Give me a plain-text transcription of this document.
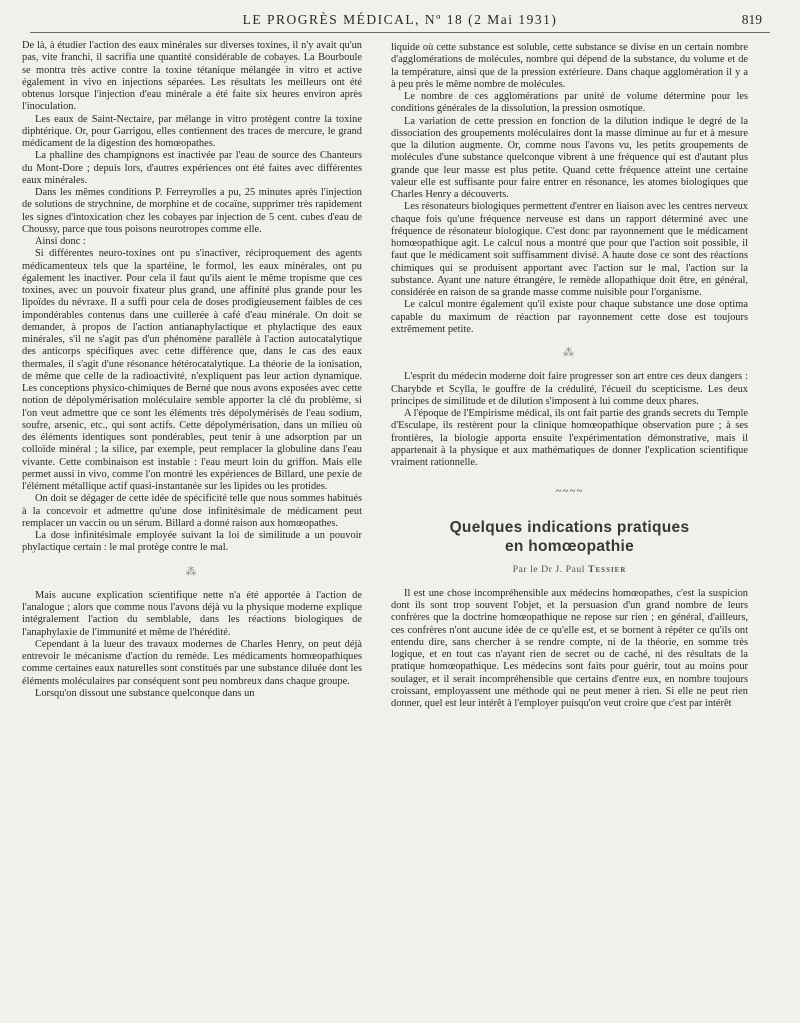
LE PROGRÈS MÉDICAL, Nº 18 (2 Mai 1931)	819

De là, à étudier l'action des eaux minérales sur diverses toxines, il n'y avait qu'un pas, vite franchi, il sacrifia une quantité considérable de cobayes. La Bourboule se montra très active contre la toxine tétanique mélangée in vitro et active également in vivo en injections séparées. Les résultats les meilleurs ont été obtenus lorsque l'injection d'eau minérale a été faite six heures environ après l'inoculation.

Les eaux de Saint-Nectaire, par mélange in vitro protègent contre la toxine diphtérique. Or, pour Garrigou, elles contiennent des traces de mercure, le grand médicament de la digestion des homœopathes.

La phalline des champignons est inactivée par l'eau de source des Chanteurs du Mont-Dore ; depuis lors, d'autres expériences ont été faites avec différentes eaux minérales.

Dans les mêmes conditions P. Ferreyrolles a pu, 25 minutes après l'injection de solutions de strychnine, de morphine et de cocaïne, supprimer très rapidement les signes d'intoxication chez les cobayes par injection de 5 cent. cubes d'eau de Choussy, parce que tous poisons neurotropes comme elle.

Ainsi donc :

Si différentes neuro-toxines ont pu s'inactiver, réciproquement des agents médicamenteux tels que la spartéine, le formol, les eaux minérales, ont pu également les inactiver. Pour cela il faut qu'ils aient le même tropisme que ces toxines, avec un pouvoir fixateur plus grand, une affinité plus grande pour les lipoïdes du névraxe. Il a suffi pour cela de doses prodigieusement faibles de ces impondérables contenus dans une cuillerée à café d'eau minérale. On doit se demander, à propos de l'action antianaphylactique et phylactique des eaux minérales, s'il ne s'agit pas d'un phénomène parallèle à l'action autocatalytique des anticorps spécifiques avec cette différence que, dans le cas des eaux thermales, il s'agit d'une résonance hétérocatalytique. La théorie de la ionisation, de même que celle de la radioactivité, n'expliquent pas leur action dynamique. Les conceptions physico-chimiques de Berné que nous avons exposées avec cette notion de dépolymérisation moléculaire semble apporter la clé du problème, si l'on veut admettre que ce sont les éléments très dépolymérisés de l'eau sodium, soufre, arsenic, etc., qui sont actifs. Cette dépolymérisation, dans un milieu où des éléments identiques sont pondérables, peut tenir à une adsorption par un colloïde minéral ; la silice, par exemple, peut remplacer la globuline dans l'eau vivante. Cette combinaison est instable : l'eau meurt loin du griffon. Mais elle permet aussi in vivo, comme l'on montré les expériences de Billard, une pexie de l'élément métallique actif quasi-instantanée sur les lipides ou les protides.

On doit se dégager de cette idée de spécificité telle que nous sommes habitués à la concevoir et admettre qu'une dose infinitésimale de médicament peut remplacer un vaccin ou un sérum. Billard a donné raison aux homœopathes.

La dose infinitésimale employée suivant la loi de similitude a un pouvoir phylactique certain : le mal protège contre le mal.

⁂

Mais aucune explication scientifique nette n'a été apportée à l'action de l'analogue ; alors que comme nous l'avons déjà vu la physique moderne explique intégralement l'action du semblable, dans les réactions biologiques de l'anaphylaxie de l'immunité et même de l'hérédité.

Cependant à la lueur des travaux modernes de Charles Henry, on peut déjà entrevoir le mécanisme d'action du remède. Les médicaments homœopathiques comme certaines eaux naturelles sont constitués par une substance diluée dont les éléments moléculaires par conséquent sont peu nombreux dans chaque groupe.

Lorsqu'on dissout une substance quelconque dans un

liquide où cette substance est soluble, cette substance se divise en un certain nombre d'agglomérations de molécules, nombre qui dépend de la substance, du volume et de la température, ainsi que de la pression extérieure. Dans chaque agglomération il y a à peu près le même nombre de molécules.

Le nombre de ces agglomérations par unité de volume détermine pour les conditions générales de la dissolution, la pression osmotique.

La variation de cette pression en fonction de la dilution indique le degré de la dissociation des groupements moléculaires dont la masse diminue au fur et à mesure que la dilution augmente. Or, comme nous l'avons vu, les petits groupements de molécules d'une substance quelconque vibrent à une fréquence qui est d'autant plus grande que leur masse est plus petite. Quand cette fréquence atteint une certaine valeur elle est suffisante pour faire entrer en résonance, les atomes biologiques que Charles Henry a découverts.

Les résonateurs biologiques permettent d'entrer en liaison avec les centres nerveux chaque fois qu'une fréquence nerveuse est dans un rapport déterminé avec une fréquence de résonateur biologique. C'est donc par rayonnement que le médicament homœopathique agit. Le calcul nous a montré que pour que l'action soit possible, il faut que le médicament soit suffisamment divisé. A haute dose ce sont des réactions chimiques qui se produisent apportant avec l'action sur le mal, l'action sur la substance. Ayant une nature étrangère, le remède allopathique doit être, en général, considérée en raison de sa grande masse comme nuisible pour l'organisme.

Le calcul montre également qu'il existe pour chaque substance une dose optima capable du maximum de réaction par rayonnement cette dose est toujours extrêmement petite.

⁂

L'esprit du médecin moderne doit faire progresser son art entre ces deux dangers : Charybde et Scylla, le gouffre de la crédulité, l'écueil du scepticisme. Les deux principes de similitude et de dilution s'imposent à lui comme deux phares.

A l'époque de l'Empirisme médical, ils ont fait partie des grands secrets du Temple d'Esculape, ils restèrent pour la clinique homœopathique observation pure ; à ses frontières, la biologie apporta ensuite l'expérimentation démonstrative, mais il appartenait à la physique et aux mathématiques de donner l'explication scientifique vraiment rationnelle.

~~~~
Quelques indications pratiques
en homœopathie
Par le Dr J. Paul Tessier

Il est une chose incompréhensible aux médecins homœopathes, c'est la suspicion dont ils sont trop souvent l'objet, et la persuasion d'un grand nombre de leurs confrères que la doctrine homœopathique ne repose sur rien ; en général, d'ailleurs, ces confrères n'ont aucune idée de ce qu'elle est, et se bornent à répéter ce qu'ils ont entendu dire, sans chercher à se rendre compte, ni de la théorie, en somme très logique, et en tout cas n'ayant rien de secret ou de caché, ni des résultats de la pratique homœopathique. Les médecins sont faits pour guérir, tout au moins pour soulager, et il serait incompréhensible que certains d'entre eux, en nombre toujours croissant, employassent une méthode qui ne peut mener à rien. Si elle ne peut rien donner, quel est leur intérêt à l'employer puisqu'on veut croire que c'est par intérêt
